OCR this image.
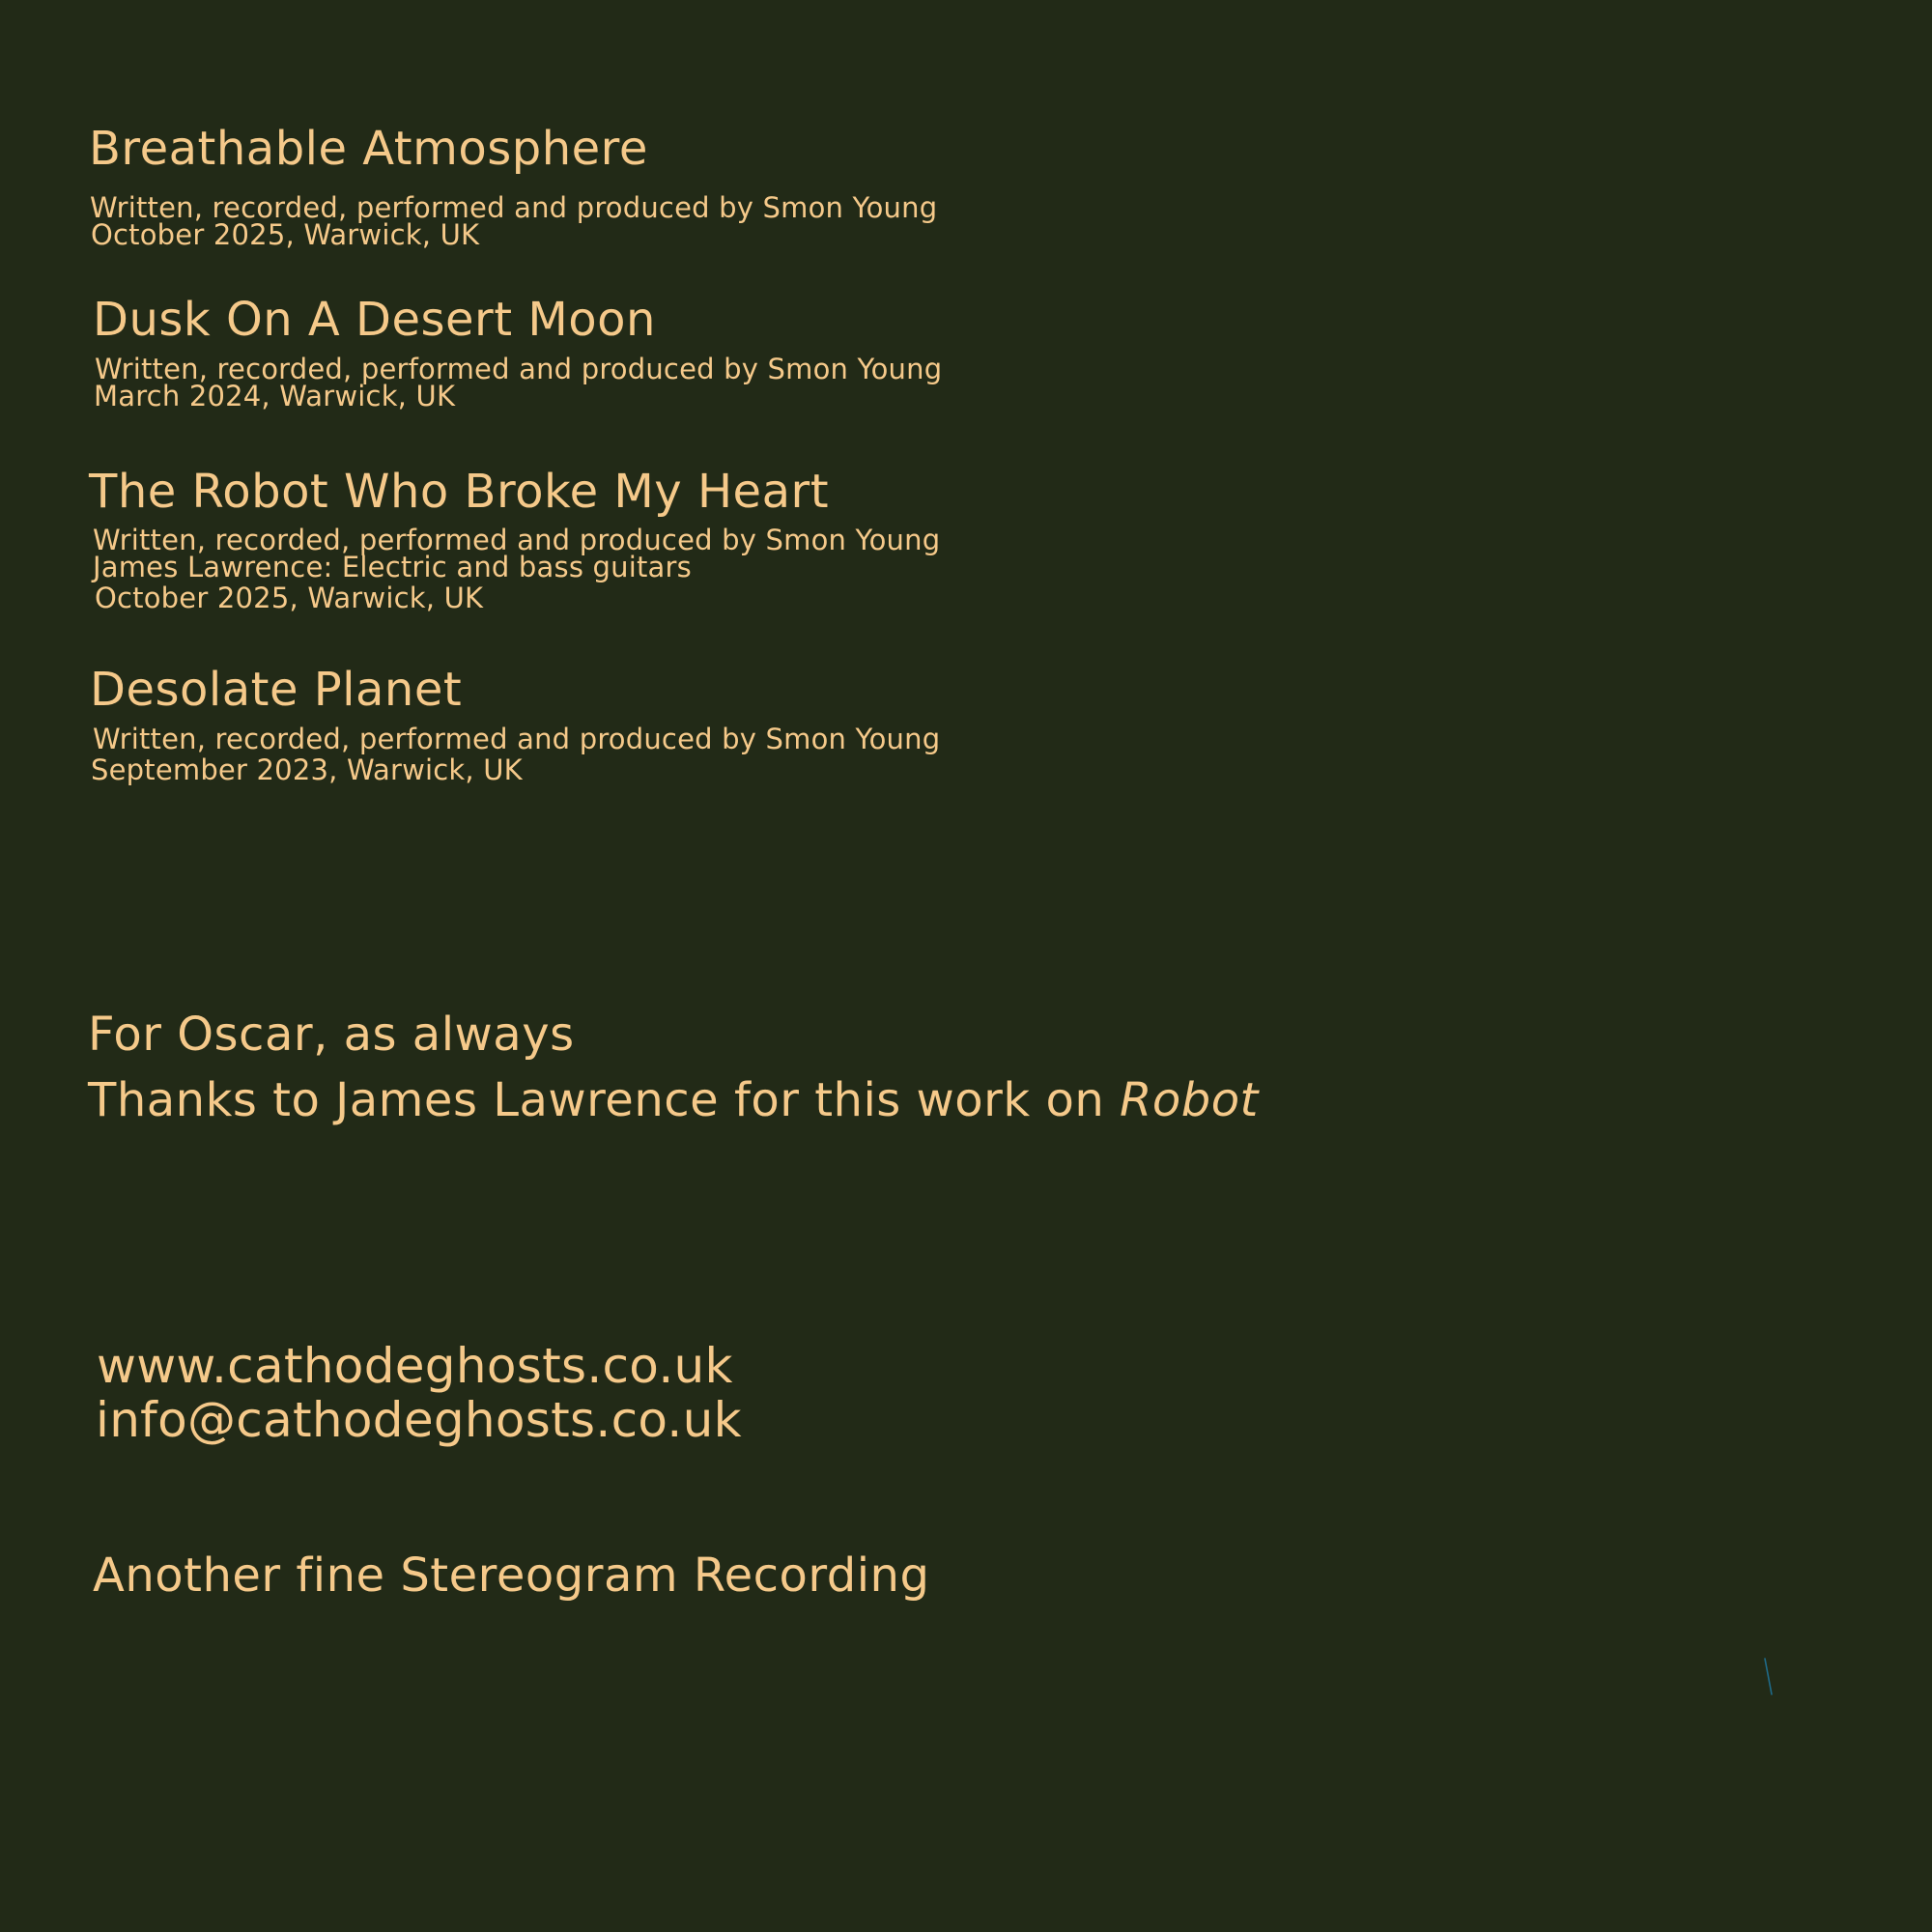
Breathable Atmosphere
Written, recorded, performed and produced by Smon Young
October 2025, Warwick, UK
Dusk On A Desert Moon
Written, recorded, performed and produced by Smon Young
March 2024, Warwick, UK
The Robot Who Broke My Heart
Written, recorded, performed and produced by Smon Young
James Lawrence: Electric and bass guitars
October 2025, Warwick, UK
Desolate Planet
Written, recorded, performed and produced by Smon Young
September 2023, Warwick, UK
For Oscar, as always
Thanks to James Lawrence for this work on Robot
www.cathodeghosts.co.uk
info@cathodeghosts.co.uk
Another fine Stereogram Recording
